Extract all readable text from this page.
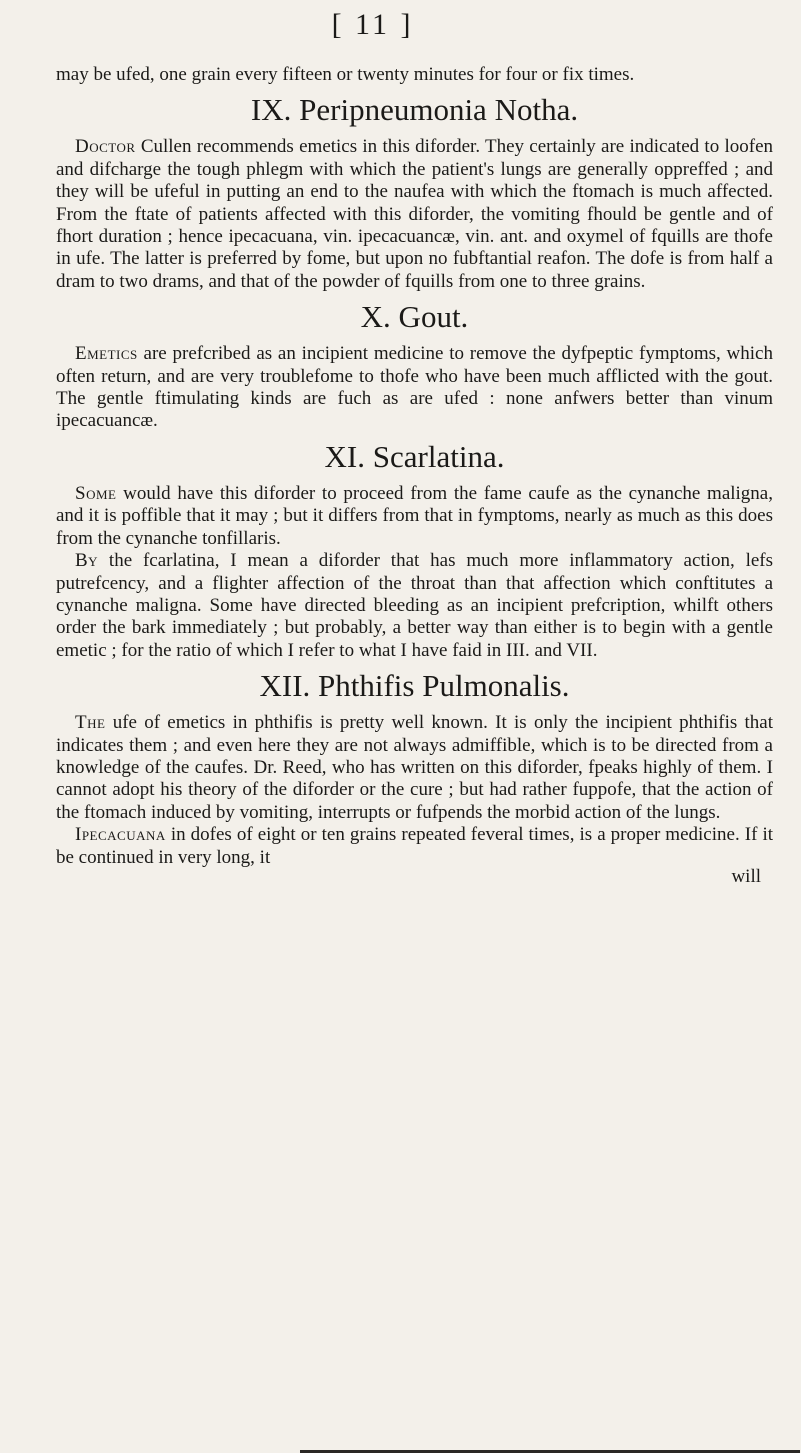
[ 11 ]

may be ufed, one grain every fifteen or twenty minutes for four or fix times.

IX. Peripneumonia Notha.

Doctor Cullen recommends emetics in this diforder. They certainly are indicated to loofen and difcharge the tough phlegm with which the patient's lungs are generally oppreffed ; and they will be ufeful in putting an end to the naufea with which the ftomach is much affected. From the ftate of patients affected with this diforder, the vomiting fhould be gentle and of fhort duration ; hence ipecacuana, vin. ipecacuancæ, vin. ant. and oxymel of fquills are thofe in ufe. The latter is preferred by fome, but upon no fubftantial reafon. The dofe is from half a dram to two drams, and that of the powder of fquills from one to three grains.

X. Gout.

Emetics are prefcribed as an incipient medicine to remove the dyfpeptic fymptoms, which often return, and are very troublefome to thofe who have been much afflicted with the gout. The gentle ftimulating kinds are fuch as are ufed : none anfwers better than vinum ipecacuancæ.

XI. Scarlatina.

Some would have this diforder to proceed from the fame caufe as the cynanche maligna, and it is poffible that it may ; but it differs from that in fymptoms, nearly as much as this does from the cynanche tonfillaris.

By the fcarlatina, I mean a diforder that has much more inflammatory action, lefs putrefcency, and a flighter affection of the throat than that affection which conftitutes a cynanche maligna. Some have directed bleeding as an incipient prefcription, whilft others order the bark immediately ; but probably, a better way than either is to begin with a gentle emetic ; for the ratio of which I refer to what I have faid in III. and VII.

XII. Phthifis Pulmonalis.

The ufe of emetics in phthifis is pretty well known. It is only the incipient phthifis that indicates them ; and even here they are not always admiffible, which is to be directed from a knowledge of the caufes. Dr. Reed, who has written on this diforder, fpeaks highly of them. I cannot adopt his theory of the diforder or the cure ; but had rather fuppofe, that the action of the ftomach induced by vomiting, interrupts or fufpends the morbid action of the lungs.

Ipecacuana in dofes of eight or ten grains repeated feveral times, is a proper medicine. If it be continued in very long, it

will
